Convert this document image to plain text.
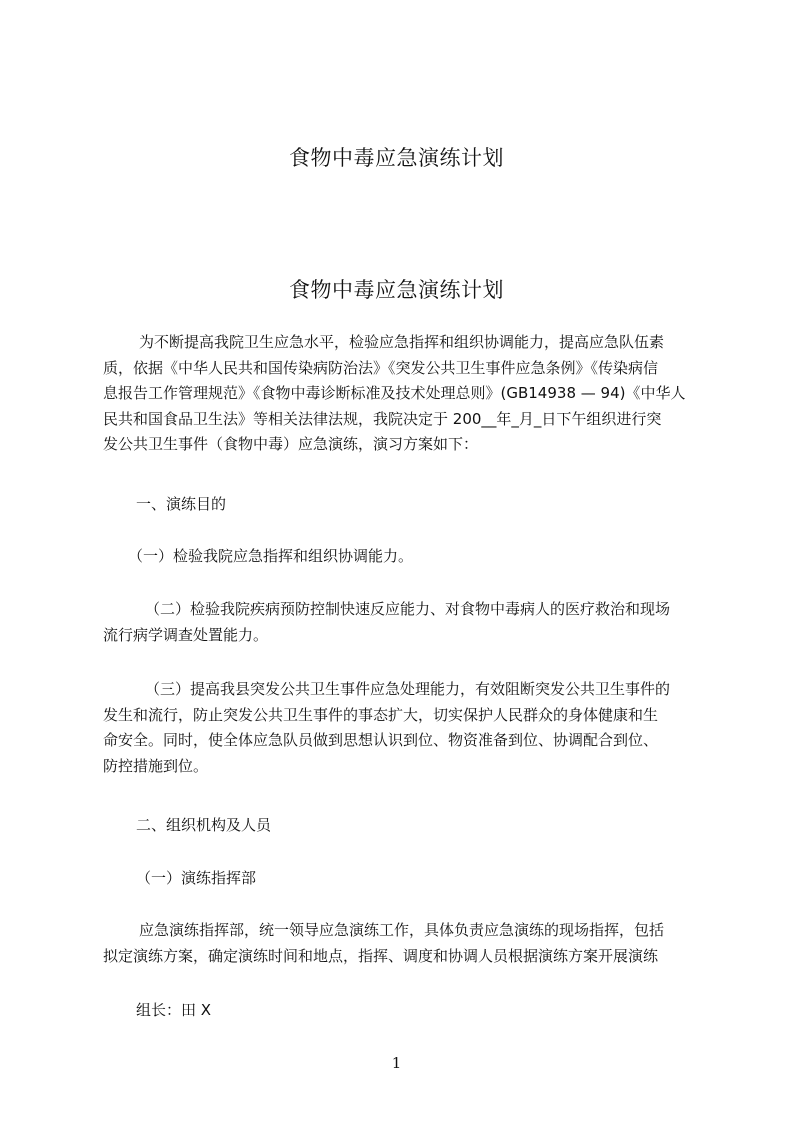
食物中毒应急演练计划
食物中毒应急演练计划
为不断提高我院卫生应急水平，检验应急指挥和组织协调能力，提高应急队伍素
质，依据《中华人民共和国传染病防治法》《突发公共卫生事件应急条例》《传染病信
息报告工作管理规范》《食物中毒诊断标准及技术处理总则》(GB14938 — 94)《中华人
民共和国食品卫生法》等相关法律法规，我院决定于 200__年_月_日下午组织进行突
发公共卫生事件（食物中毒）应急演练，演习方案如下：
一、演练目的
（一）检验我院应急指挥和组织协调能力。
（二）检验我院疾病预防控制快速反应能力、对食物中毒病人的医疗救治和现场
流行病学调查处置能力。
（三）提高我县突发公共卫生事件应急处理能力，有效阻断突发公共卫生事件的
发生和流行，防止突发公共卫生事件的事态扩大，切实保护人民群众的身体健康和生
命安全。同时，使全体应急队员做到思想认识到位、物资准备到位、协调配合到位、
防控措施到位。
二、组织机构及人员
（一）演练指挥部
应急演练指挥部，统一领导应急演练工作，具体负责应急演练的现场指挥，包括
拟定演练方案，确定演练时间和地点，指挥、调度和协调人员根据演练方案开展演练
组长：田 X
1
